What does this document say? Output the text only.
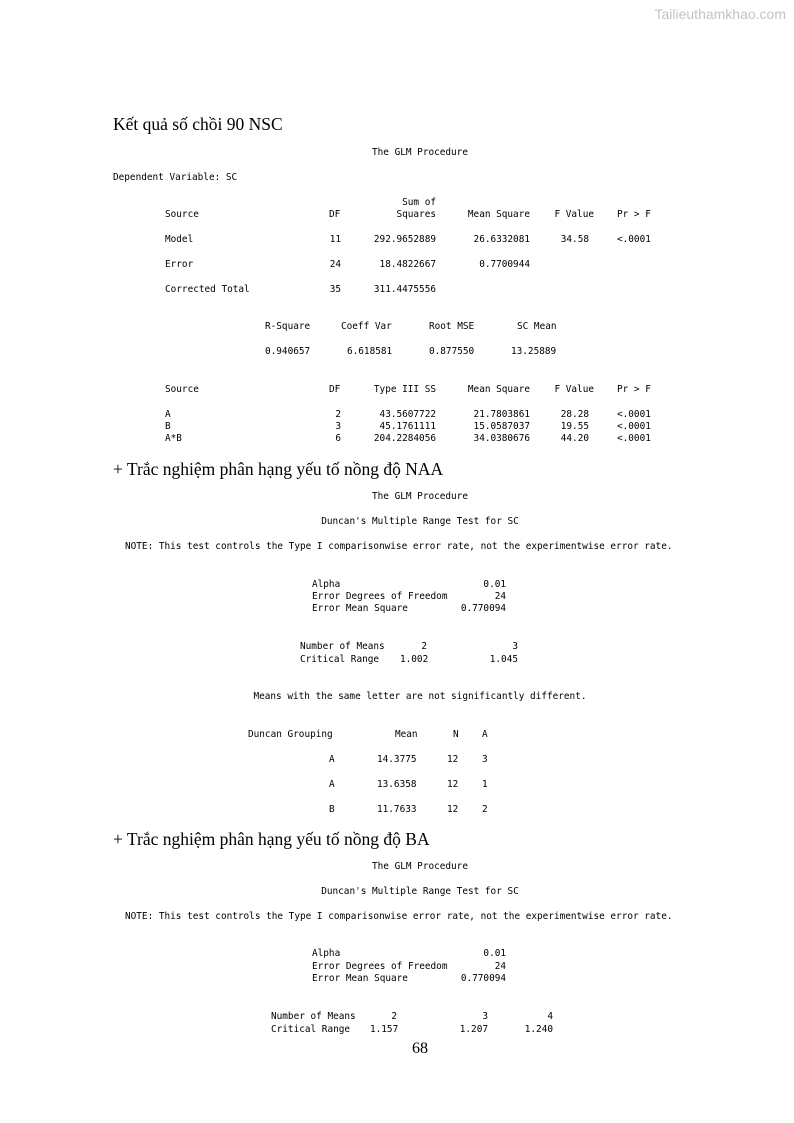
Tailieuthamkhao.com
Kết quả số chồi 90 NSC
The GLM Procedure
Dependent Variable: SC
Sum of
Source	DF	Squares	Mean Square	F Value Pr > F
Model	11	292.9652889	26.6332081	34.58	<.0001
Error	24	18.4822667	0.7700944
Corrected Total	35	311.4475556
R-Square	Coeff Var	Root MSE	SC Mean
0.940657	6.618581	0.877550	13.25889
Source	DF	Type III SS	Mean Square	F Value Pr > F
A	2	43.5607722	21.7803861	28.28	<.0001
B	3	45.1761111	15.0587037	19.55	<.0001
A*B	6	204.2284056	34.0380676	44.20	<.0001
+ Trắc nghiệm phân hạng yếu tố nồng độ NAA
The GLM Procedure
Duncan's Multiple Range Test for SC
NOTE: This test controls the Type I comparisonwise error rate, not the experimentwise error rate.
Alpha	0.01
Error Degrees of Freedom	24
Error Mean Square	0.770094
Number of Means	2	3
Critical Range 1.002	1.045
Means with the same letter are not significantly different.
Duncan Grouping	Mean	N A
A	14.3775	12	3
A	13.6358	12	1
B	11.7633	12	2
+ Trắc nghiệm phân hạng yếu tố nồng độ BA
The GLM Procedure
Duncan's Multiple Range Test for SC
NOTE: This test controls the Type I comparisonwise error rate, not the experimentwise error rate.
Alpha	0.01
Error Degrees of Freedom	24
Error Mean Square	0.770094
Number of Means	2	3	4
Critical Range 1.157	1.207	1.240
68
